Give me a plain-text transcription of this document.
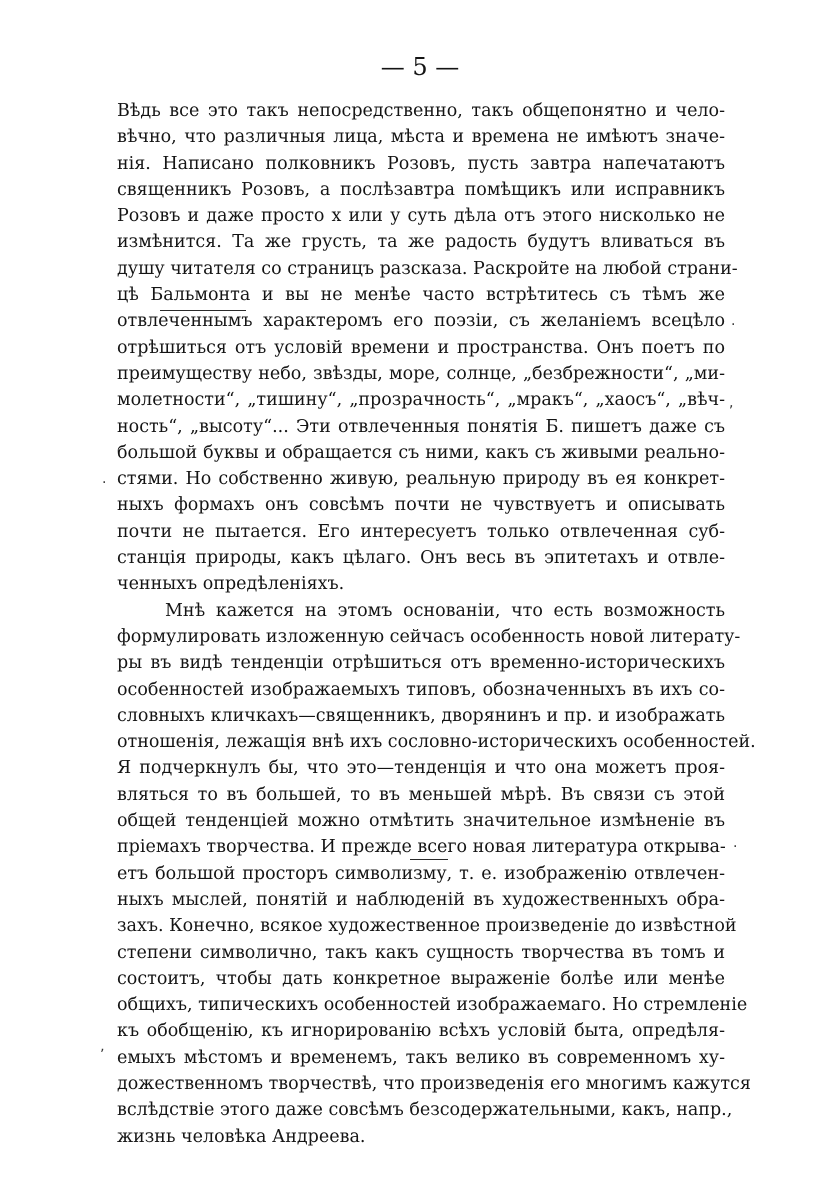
— 5 —
Вѣдь все это такъ непосредственно, такъ общепонятно и чело-
вѣчно, что различныя лица, мѣста и времена не имѣютъ значе-
нія. Написано полковникъ Розовъ, пусть завтра напечатаютъ
священникъ Розовъ, а послѣзавтра помѣщикъ или исправникъ
Розовъ и даже просто х или у суть дѣла отъ этого нисколько не
измѣнится. Та же грусть, та же радость будутъ вливаться въ
душу читателя со страницъ разсказа. Раскройте на любой страни-
цѣ Бальмонта и вы не менѣе часто встрѣтитесь съ тѣмъ же
отвлеченнымъ характеромъ его поэзіи, съ желаніемъ всецѣло
отрѣшиться отъ условій времени и пространства. Онъ поетъ по
преимуществу небо, звѣзды, море, солнце, „безбрежности“, „ми-
молетности“, „тишину“, „прозрачность“, „мракъ“, „хаосъ“, „вѣч-
ность“, „высоту“... Эти отвлеченныя понятія Б. пишетъ даже съ
большой буквы и обращается съ ними, какъ съ живыми реально-
стями. Но собственно живую, реальную природу въ ея конкрет-
ныхъ формахъ онъ совсѣмъ почти не чувствуетъ и описывать
почти не пытается. Его интересуетъ только отвлеченная суб-
станція природы, какъ цѣлаго. Онъ весь въ эпитетахъ и отвле-
ченныхъ опредѣленіяхъ.
Мнѣ кажется на этомъ основаніи, что есть возможность
формулировать изложенную сейчасъ особенность новой литерату-
ры въ видѣ тенденціи отрѣшиться отъ временно-историческихъ
особенностей изображаемыхъ типовъ, обозначенныхъ въ ихъ со-
словныхъ кличкахъ—священникъ, дворянинъ и пр. и изображать
отношенія, лежащія внѣ ихъ сословно-историческихъ особенностей.
Я подчеркнулъ бы, что это—тенденція и что она можетъ проя-
вляться то въ большей, то въ меньшей мѣрѣ. Въ связи съ этой
общей тенденціей можно отмѣтить значительное измѣненіе въ
пріемахъ творчества. И прежде всего новая литература открыва-
етъ большой просторъ символизму, т. е. изображенію отвлечен-
ныхъ мыслей, понятій и наблюденій въ художественныхъ обра-
захъ. Конечно, всякое художественное произведеніе до извѣстной
степени символично, такъ какъ сущность творчества въ томъ и
состоитъ, чтобы дать конкретное выраженіе болѣе или менѣе
общихъ, типическихъ особенностей изображаемаго. Но стремленіе
къ обобщенію, къ игнорированію всѣхъ условій быта, опредѣля-
емыхъ мѣстомъ и временемъ, такъ велико въ современномъ ху-
дожественномъ творчествѣ, что произведенія его многимъ кажутся
вслѣдствіе этого даже совсѣмъ безсодержательными, какъ, напр.,
жизнь человѣка Андреева.
·
,
·
·
ʼ
